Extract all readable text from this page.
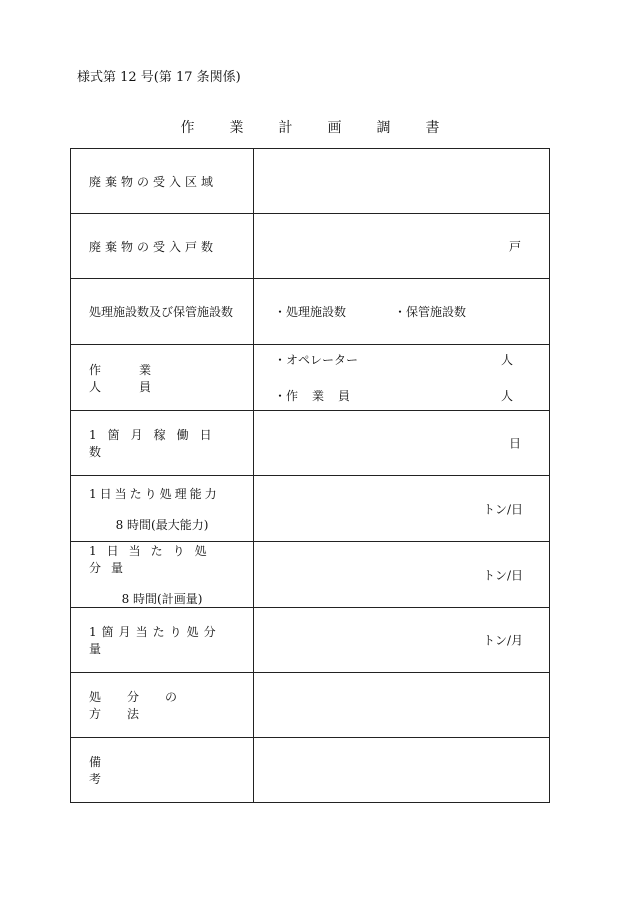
様式第 12 号(第 17 条関係)
作業計画調書
廃棄物の受入区域	

廃棄物の受入戸数	戸

処理施設数及び保管施設数	・処理施設数 ・保管施設数

作業人員	・オペレーター 人
・作業員 人

1箇月稼働日数	日

1日当たり処理能力
8 時間(最大能力)	トン/日

1日当たり処分量
8 時間(計画量)	トン/日

1箇月当たり処分量	トン/月

処分の方法	

備考	
